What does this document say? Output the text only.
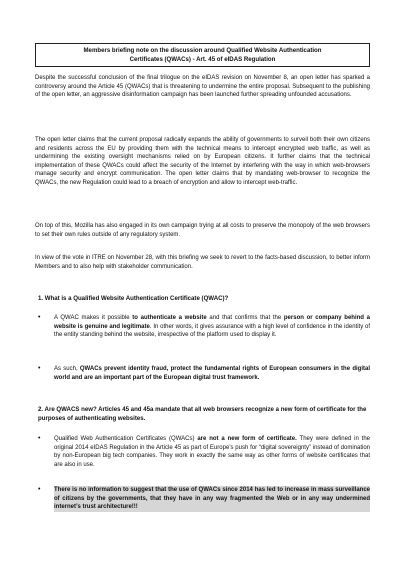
Members briefing note on the discussion around Qualified Website Authentication
Certificates (QWACs) - Art. 45 of eIDAS Regulation

Despite the successful conclusion of the final trilogue on the eIDAS revision on November 8, an open letter has sparked a controversy around the Article 45 (QWACs) that is threatening to undermine the entire proposal. Subsequent to the publishing of the open letter, an aggressive disinformation campaign has been launched further spreading unfounded accusations.

The open letter claims that the current proposal radically expands the ability of governments to surveil both their own citizens and residents across the EU by providing them with the technical means to intercept encrypted web traffic, as well as undermining the existing oversight mechanisms relied on by European citizens. It further claims that the technical implementation of these QWACs could affect the security of the Internet by interfering with the way in which web-browsers manage security and encrypt communication. The open letter claims that by mandating web-browser to recognize the QWACs, the new Regulation could lead to a breach of encryption and allow to intercept web-traffic.

On top of this, Mozilla has also engaged in its own campaign trying at all costs to preserve the monopoly of the web browsers to set their own rules outside of any regulatory system.

In view of the vote in ITRE on November 28, with this briefing we seek to revert to the facts-based discussion, to better inform Members and to also help with stakeholder communication.

1. What is a Qualified Website Authentication Certificate (QWAC)?
• A QWAC makes it possible to authenticate a website and that confirms that the person or company behind a website is genuine and legitimate. In other words, it gives assurance with a high level of confidence in the identity of the entity standing behind the website, irrespective of the platform used to display it.
• As such, QWACs prevent identity fraud, protect the fundamental rights of European consumers in the digital world and are an important part of the European digital trust framework.
2. Are QWACS new? Articles 45 and 45a mandate that all web browsers recognize a new form of certificate for the purposes of authenticating websites.
• Qualified Web Authentication Certificates (QWACs) are not a new form of certificate. They were defined in the original 2014 eIDAS Regulation in the Article 45 as part of Europe’s push for “digital sovereignty” instead of domination by non-European big tech companies. They work in exactly the same way as other forms of website certificates that are also in use.
• There is no information to suggest that the use of QWACs since 2014 has led to increase in mass surveillance of citizens by the governments, that they have in any way fragmented the Web or in any way undermined internet’s trust architecture!!!
